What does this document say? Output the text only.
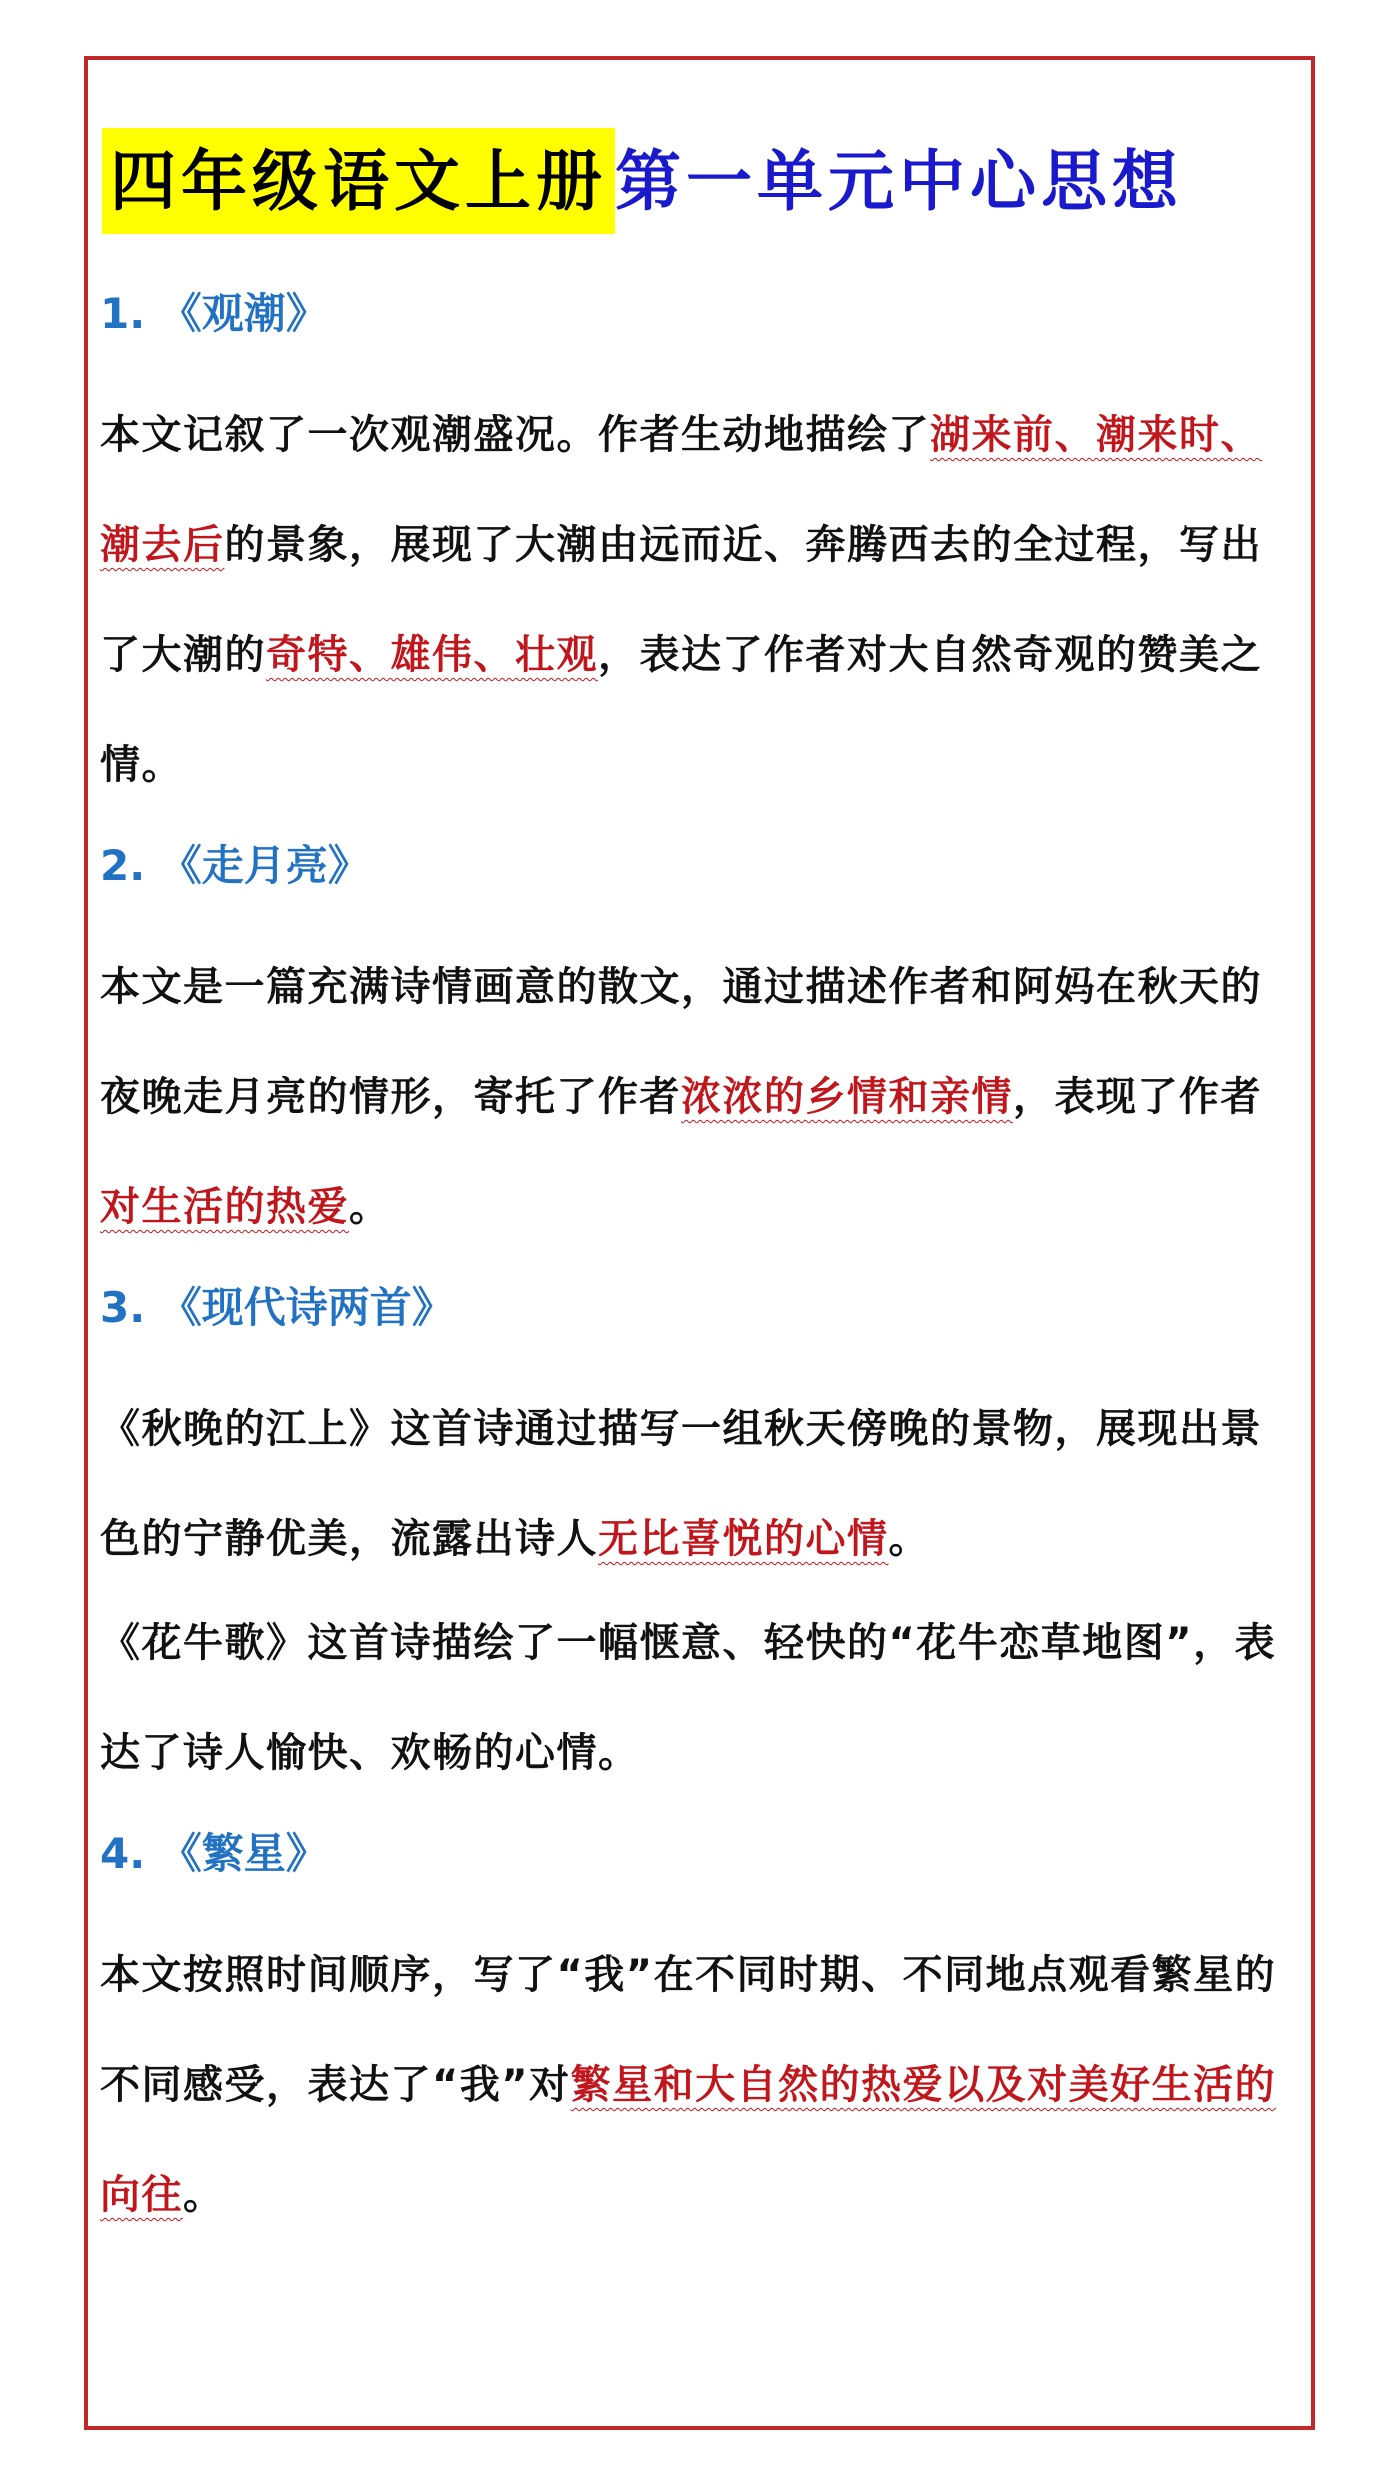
四年级语文上册 第一单元中心思想
1. 《观潮》

本文记叙了一次观潮盛况。作者生动地描绘了湖来前、潮来时、潮去后的景象，展现了大潮由远而近、奔腾西去的全过程，写出了大潮的奇特、雄伟、壮观，表达了作者对大自然奇观的赞美之情。

2. 《走月亮》

本文是一篇充满诗情画意的散文，通过描述作者和阿妈在秋天的夜晚走月亮的情形，寄托了作者浓浓的乡情和亲情，表现了作者对生活的热爱。

3. 《现代诗两首》

《秋晚的江上》这首诗通过描写一组秋天傍晚的景物，展现出景色的宁静优美，流露出诗人无比喜悦的心情。

《花牛歌》这首诗描绘了一幅惬意、轻快的“花牛恋草地图”，表达了诗人愉快、欢畅的心情。

4. 《繁星》

本文按照时间顺序，写了“我”在不同时期、不同地点观看繁星的不同感受，表达了“我”对繁星和大自然的热爱以及对美好生活的向往。
